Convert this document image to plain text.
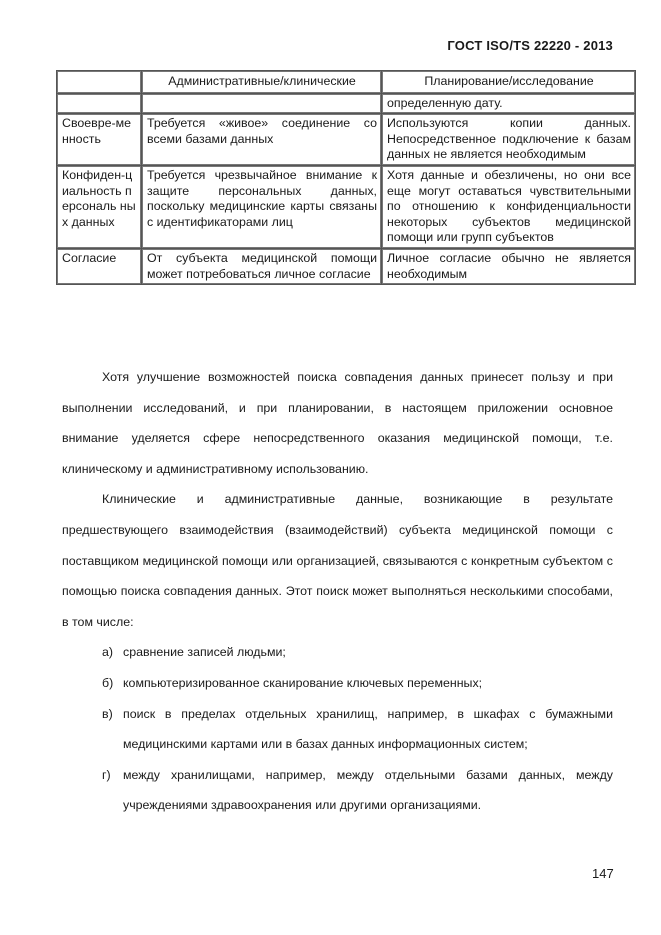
ГОСТ ISO/TS 22220 - 2013
	Административные/клинические	Планирование/исследование
		определенную дату.
Своевре-менность	Требуется «живое» соединение со всеми базами данных	Используются копии данных. Непосредственное подключение к базам данных не является необходимым
Конфиден-циальность персональ ных данных	Требуется чрезвычайное внимание к защите персональных данных, поскольку медицинские карты связаны с идентификаторами лиц	Хотя данные и обезличены, но они все еще могут оставаться чувствительными по отношению к конфиденциальности некоторых субъектов медицинской помощи или групп субъектов
Согласие	От субъекта медицинской помощи может потребоваться личное согласие	Личное согласие обычно не является необходимым

Хотя улучшение возможностей поиска совпадения данных принесет пользу и при выполнении исследований, и при планировании, в настоящем приложении основное внимание уделяется сфере непосредственного оказания медицинской помощи, т.е. клиническому и административному использованию.

Клинические и административные данные, возникающие в результате предшествующего взаимодействия (взаимодействий) субъекта медицинской помощи с поставщиком медицинской помощи или организацией, связываются с конкретным субъектом с помощью поиска совпадения данных. Этот поиск может выполняться несколькими способами, в том числе:

а) сравнение записей людьми;
б) компьютеризированное сканирование ключевых переменных;
в) поиск в пределах отдельных хранилищ, например, в шкафах с бумажными медицинскими картами или в базах данных информационных систем;
г) между хранилищами, например, между отдельными базами данных, между учреждениями здравоохранения или другими организациями.
147
